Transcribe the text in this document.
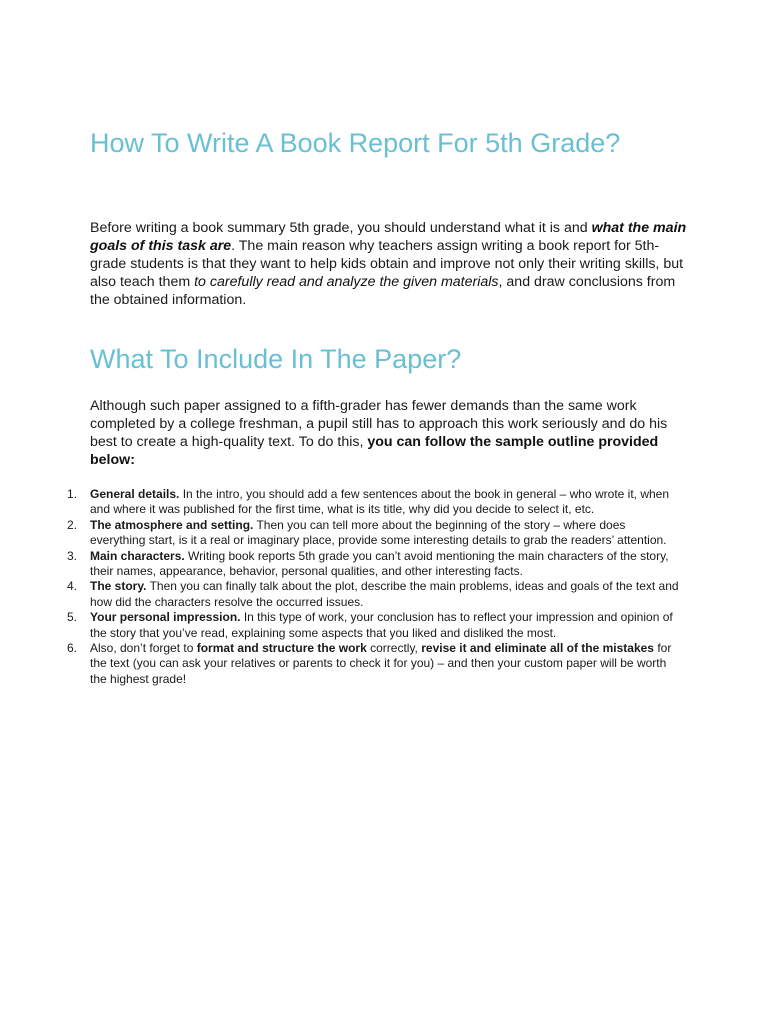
How To Write A Book Report For 5th Grade?

Before writing a book summary 5th grade, you should understand what it is and what the main goals of this task are. The main reason why teachers assign writing a book report for 5th-grade students is that they want to help kids obtain and improve not only their writing skills, but also teach them to carefully read and analyze the given materials, and draw conclusions from the obtained information.

What To Include In The Paper?

Although such paper assigned to a fifth-grader has fewer demands than the same work completed by a college freshman, a pupil still has to approach this work seriously and do his best to create a high-quality text. To do this, you can follow the sample outline provided below:

1. General details. In the intro, you should add a few sentences about the book in general – who wrote it, when and where it was published for the first time, what is its title, why did you decide to select it, etc.
2. The atmosphere and setting. Then you can tell more about the beginning of the story – where does everything start, is it a real or imaginary place, provide some interesting details to grab the readers’ attention.
3. Main characters. Writing book reports 5th grade you can’t avoid mentioning the main characters of the story, their names, appearance, behavior, personal qualities, and other interesting facts.
4. The story. Then you can finally talk about the plot, describe the main problems, ideas and goals of the text and how did the characters resolve the occurred issues.
5. Your personal impression. In this type of work, your conclusion has to reflect your impression and opinion of the story that you’ve read, explaining some aspects that you liked and disliked the most.
6. Also, don’t forget to format and structure the work correctly, revise it and eliminate all of the mistakes for the text (you can ask your relatives or parents to check it for you) – and then your custom paper will be worth the highest grade!
